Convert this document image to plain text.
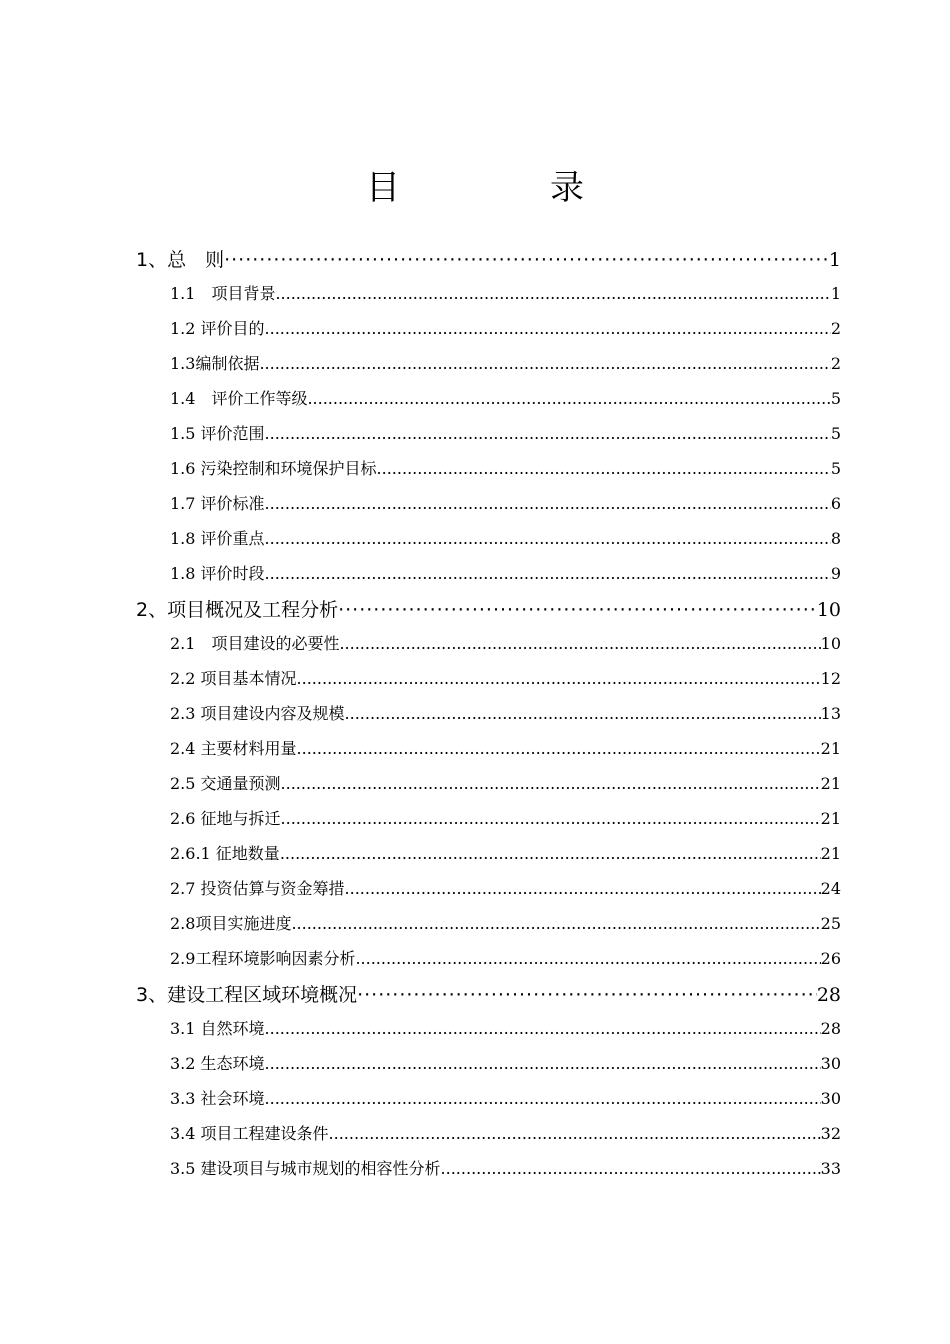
目　录
1、总　则 ·····	1
1.1　项目背景 .....	1
1.2 评价目的 .....	2
1.3编制依据 .....	2
1.4　评价工作等级 .....	5
1.5 评价范围 .....	5
1.6 污染控制和环境保护目标 .....	5
1.7 评价标准 .....	6
1.8 评价重点 .....	8
1.8 评价时段 .....	9
2、项目概况及工程分析 ·····	10
2.1　项目建设的必要性 .....	10
2.2 项目基本情况 .....	12
2.3 项目建设内容及规模 .....	13
2.4 主要材料用量 .....	21
2.5 交通量预测 .....	21
2.6 征地与拆迁 .....	21
2.6.1 征地数量 .....	21
2.7 投资估算与资金筹措 .....	24
2.8项目实施进度 .....	25
2.9工程环境影响因素分析 .....	26
3、建设工程区域环境概况 ·····	28
3.1 自然环境 .....	28
3.2 生态环境 .....	30
3.3 社会环境 .....	30
3.4 项目工程建设条件 .....	32
3.5 建设项目与城市规划的相容性分析 .....	33
